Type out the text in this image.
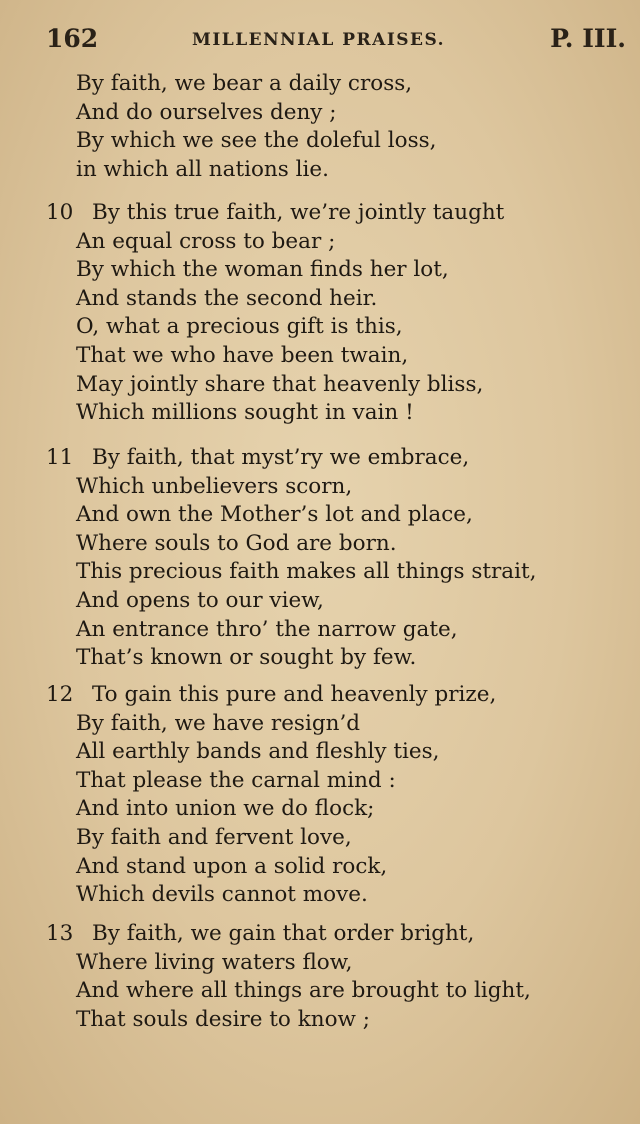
162	MILLENNIAL PRAISES.	P. III.
By faith, we bear a daily cross,
And do ourselves deny ;
By which we see the doleful loss,
in which all nations lie.
10 By this true faith, we’re jointly taught
An equal cross to bear ;
By which the woman finds her lot,
And stands the second heir.
O, what a precious gift is this,
That we who have been twain,
May jointly share that heavenly bliss,
Which millions sought in vain !
11 By faith, that myst’ry we embrace,
Which unbelievers scorn,
And own the Mother’s lot and place,
Where souls to God are born.
This precious faith makes all things strait,
And opens to our view,
An entrance thro’ the narrow gate,
That’s known or sought by few.
12 To gain this pure and heavenly prize,
By faith, we have resign’d
All earthly bands and fleshly ties,
That please the carnal mind :
And into union we do flock;
By faith and fervent love,
And stand upon a solid rock,
Which devils cannot move.
13 By faith, we gain that order bright,
Where living waters flow,
And where all things are brought to light,
That souls desire to know ;
